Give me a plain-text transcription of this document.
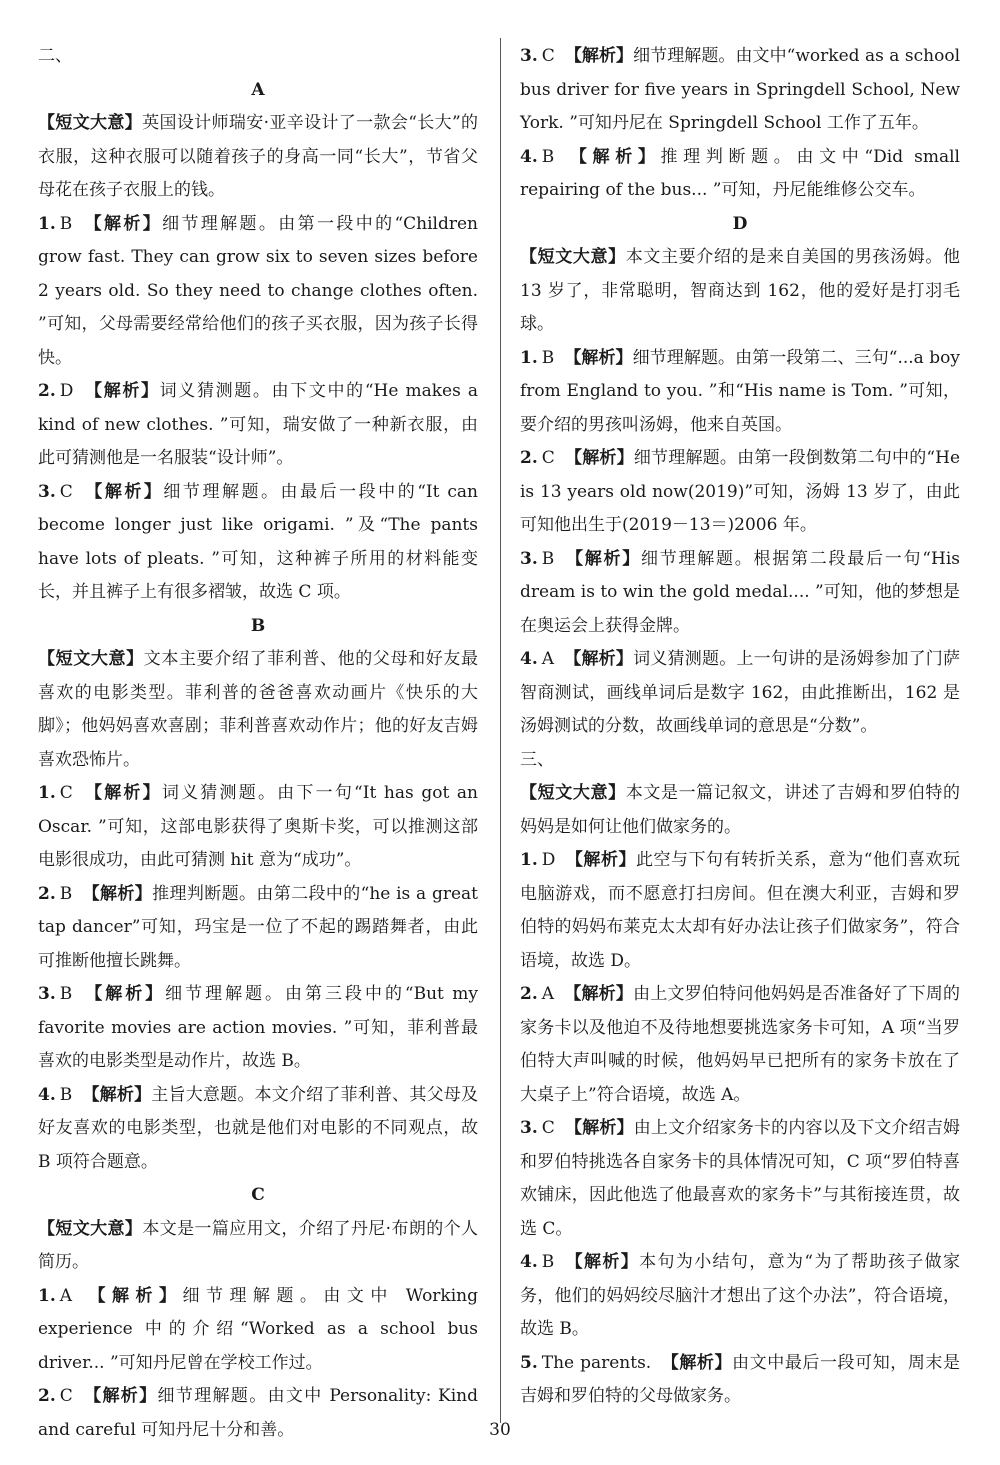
二、

A

【短文大意】英国设计师瑞安·亚辛设计了一款会“长大”的衣服，这种衣服可以随着孩子的身高一同“长大”，节省父母花在孩子衣服上的钱。

1. B 【解析】细节理解题。由第一段中的“Children grow fast. They can grow six to seven sizes before 2 years old. So they need to change clothes often. ”可知，父母需要经常给他们的孩子买衣服，因为孩子长得快。

2. D 【解析】词义猜测题。由下文中的“He makes a kind of new clothes. ”可知，瑞安做了一种新衣服，由此可猜测他是一名服装“设计师”。

3. C 【解析】细节理解题。由最后一段中的“It can become longer just like origami. ”及“The pants have lots of pleats. ”可知，这种裤子所用的材料能变长，并且裤子上有很多褶皱，故选 C 项。

B

【短文大意】文本主要介绍了菲利普、他的父母和好友最喜欢的电影类型。菲利普的爸爸喜欢动画片《快乐的大脚》；他妈妈喜欢喜剧；菲利普喜欢动作片；他的好友吉姆喜欢恐怖片。

1. C 【解析】词义猜测题。由下一句“It has got an Oscar. ”可知，这部电影获得了奥斯卡奖，可以推测这部电影很成功，由此可猜测 hit 意为“成功”。

2. B 【解析】推理判断题。由第二段中的“he is a great tap dancer”可知，玛宝是一位了不起的踢踏舞者，由此可推断他擅长跳舞。

3. B 【解析】细节理解题。由第三段中的“But my favorite movies are action movies. ”可知，菲利普最喜欢的电影类型是动作片，故选 B。

4. B 【解析】主旨大意题。本文介绍了菲利普、其父母及好友喜欢的电影类型，也就是他们对电影的不同观点，故 B 项符合题意。

C

【短文大意】本文是一篇应用文，介绍了丹尼·布朗的个人简历。

1. A 【解析】细节理解题。由文中 Working experience 中的介绍“Worked as a school bus driver... ”可知丹尼曾在学校工作过。

2. C 【解析】细节理解题。由文中 Personality: Kind and careful 可知丹尼十分和善。

3. C 【解析】细节理解题。由文中“worked as a school bus driver for five years in Springdell School, New York. ”可知丹尼在 Springdell School 工作了五年。

4. B 【解析】推理判断题。由文中“Did small repairing of the bus... ”可知，丹尼能维修公交车。

D

【短文大意】本文主要介绍的是来自美国的男孩汤姆。他13 岁了，非常聪明，智商达到 162，他的爱好是打羽毛球。

1. B 【解析】细节理解题。由第一段第二、三句“...a boy from England to you. ”和“His name is Tom. ”可知，要介绍的男孩叫汤姆，他来自英国。

2. C 【解析】细节理解题。由第一段倒数第二句中的“He is 13 years old now(2019)”可知，汤姆 13 岁了，由此可知他出生于(2019－13＝)2006 年。

3. B 【解析】细节理解题。根据第二段最后一句“His dream is to win the gold medal.... ”可知，他的梦想是在奥运会上获得金牌。

4. A 【解析】词义猜测题。上一句讲的是汤姆参加了门萨智商测试，画线单词后是数字 162，由此推断出，162 是汤姆测试的分数，故画线单词的意思是“分数”。

三、

【短文大意】本文是一篇记叙文，讲述了吉姆和罗伯特的妈妈是如何让他们做家务的。

1. D 【解析】此空与下句有转折关系，意为“他们喜欢玩电脑游戏，而不愿意打扫房间。但在澳大利亚，吉姆和罗伯特的妈妈布莱克太太却有好办法让孩子们做家务”，符合语境，故选 D。

2. A 【解析】由上文罗伯特问他妈妈是否准备好了下周的家务卡以及他迫不及待地想要挑选家务卡可知，A 项“当罗伯特大声叫喊的时候，他妈妈早已把所有的家务卡放在了大桌子上”符合语境，故选 A。

3. C 【解析】由上文介绍家务卡的内容以及下文介绍吉姆和罗伯特挑选各自家务卡的具体情况可知，C 项“罗伯特喜欢铺床，因此他选了他最喜欢的家务卡”与其衔接连贯，故选 C。

4. B 【解析】本句为小结句，意为“为了帮助孩子做家务，他们的妈妈绞尽脑汁才想出了这个办法”，符合语境，故选 B。

5. The parents. 【解析】由文中最后一段可知，周末是吉姆和罗伯特的父母做家务。

30
